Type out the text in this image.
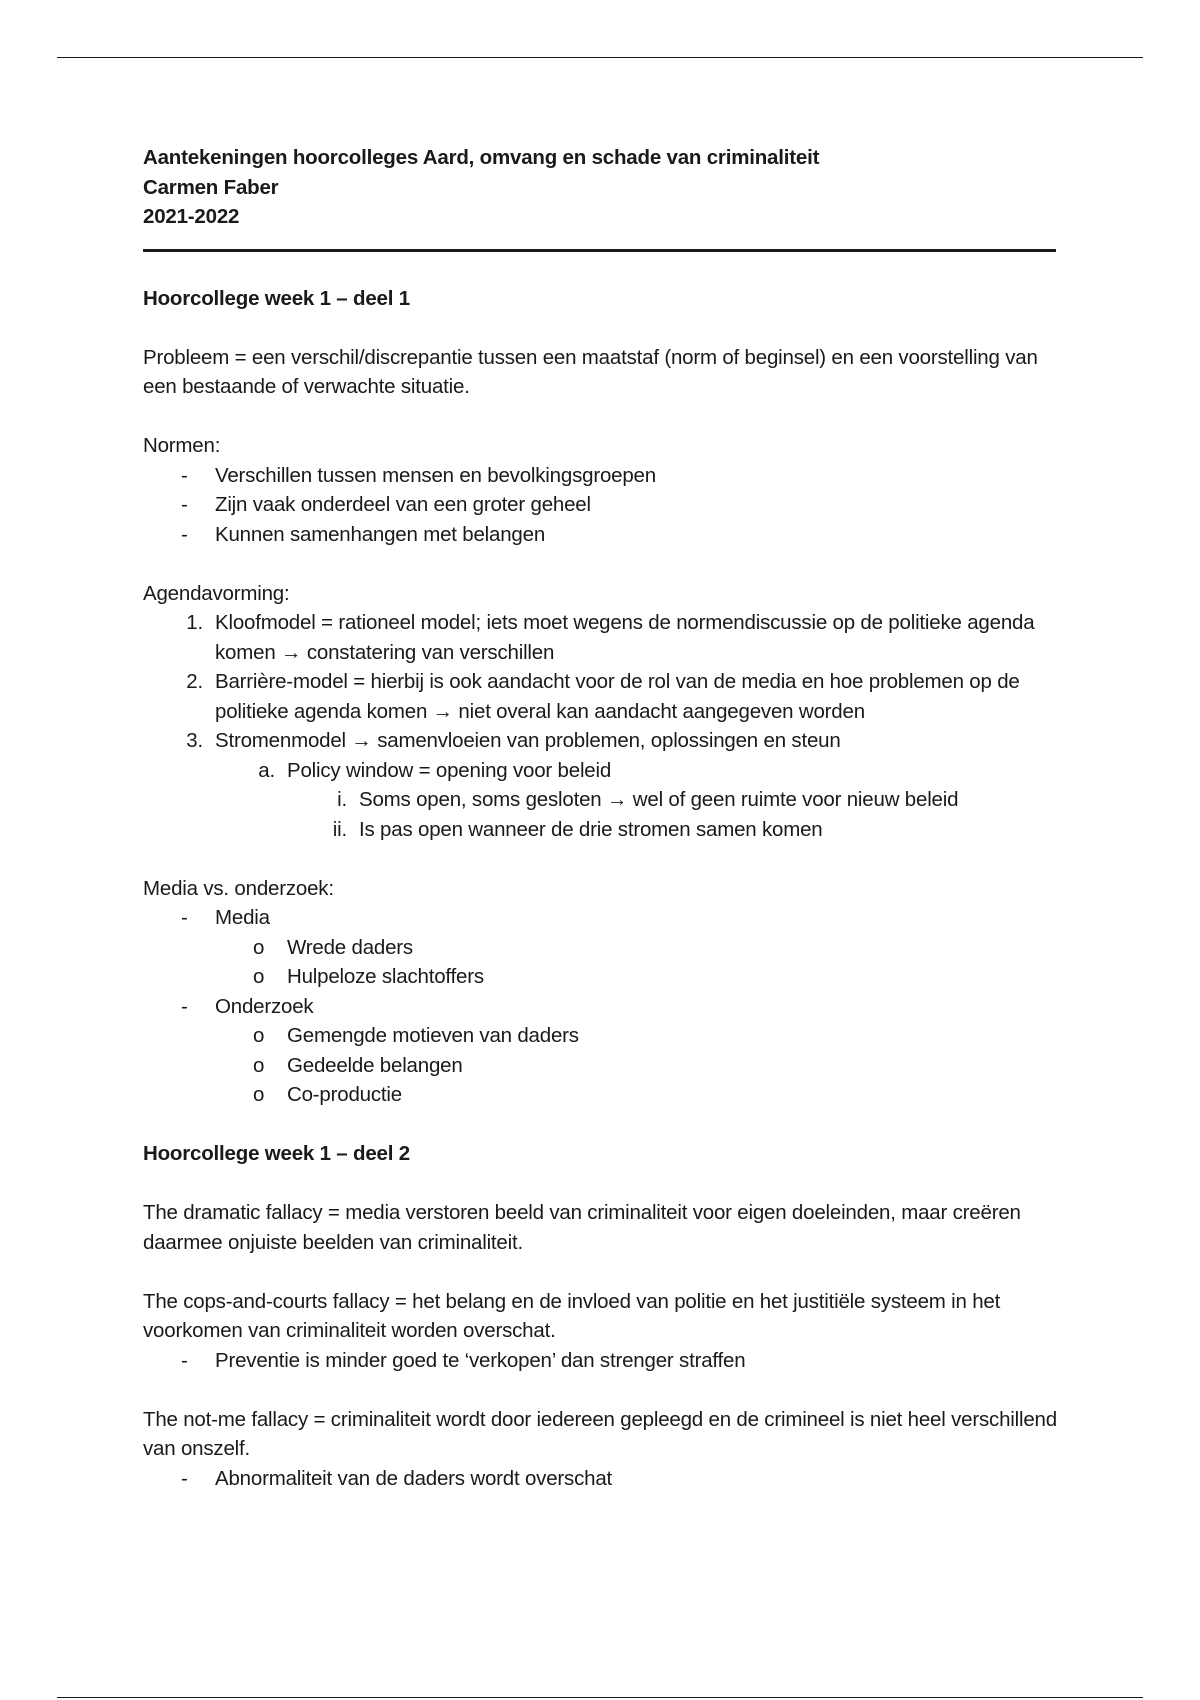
Aantekeningen hoorcolleges Aard, omvang en schade van criminaliteit
Carmen Faber
2021-2022
Hoorcollege week 1 – deel 1
Probleem = een verschil/discrepantie tussen een maatstaf (norm of beginsel) en een voorstelling van een bestaande of verwachte situatie.
Normen:
-	Verschillen tussen mensen en bevolkingsgroepen
-	Zijn vaak onderdeel van een groter geheel
-	Kunnen samenhangen met belangen
Agendavorming:
1. Kloofmodel = rationeel model; iets moet wegens de normendiscussie op de politieke agenda komen → constatering van verschillen
2. Barrière-model = hierbij is ook aandacht voor de rol van de media en hoe problemen op de politieke agenda komen → niet overal kan aandacht aangegeven worden
3. Stromenmodel → samenvloeien van problemen, oplossingen en steun
a. Policy window = opening voor beleid
i. Soms open, soms gesloten → wel of geen ruimte voor nieuw beleid
ii. Is pas open wanneer de drie stromen samen komen
Media vs. onderzoek:
-	Media
o	Wrede daders
o	Hulpeloze slachtoffers
-	Onderzoek
o	Gemengde motieven van daders
o	Gedeelde belangen
o	Co-productie
Hoorcollege week 1 – deel 2
The dramatic fallacy = media verstoren beeld van criminaliteit voor eigen doeleinden, maar creëren daarmee onjuiste beelden van criminaliteit.
The cops-and-courts fallacy = het belang en de invloed van politie en het justitiële systeem in het voorkomen van criminaliteit worden overschat.
-	Preventie is minder goed te ‘verkopen’ dan strenger straffen
The not-me fallacy = criminaliteit wordt door iedereen gepleegd en de crimineel is niet heel verschillend van onszelf.
-	Abnormaliteit van de daders wordt overschat
